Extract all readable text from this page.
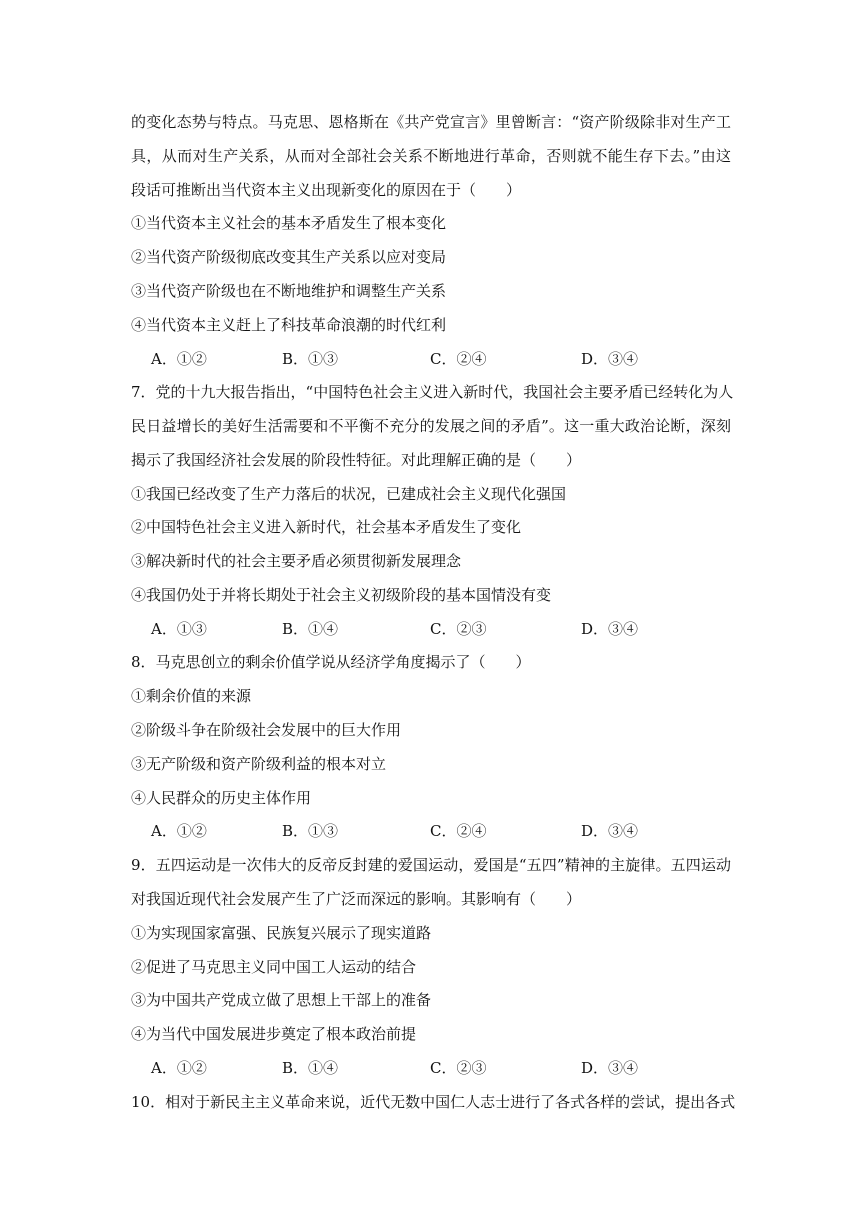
的变化态势与特点。马克思、恩格斯在《共产党宣言》里曾断言：“资产阶级除非对生产工
具，从而对生产关系，从而对全部社会关系不断地进行革命，否则就不能生存下去。”由这
段话可推断出当代资本主义出现新变化的原因在于（　　）
①当代资本主义社会的基本矛盾发生了根本变化
②当代资产阶级彻底改变其生产关系以应对变局
③当代资产阶级也在不断地维护和调整生产关系
④当代资本主义赶上了科技革命浪潮的时代红利
A．①②	B．①③	C．②④	D．③④
7．党的十九大报告指出，“中国特色社会主义进入新时代，我国社会主要矛盾已经转化为人
民日益增长的美好生活需要和不平衡不充分的发展之间的矛盾”。这一重大政治论断，深刻
揭示了我国经济社会发展的阶段性特征。对此理解正确的是（　　）
①我国已经改变了生产力落后的状况，已建成社会主义现代化强国
②中国特色社会主义进入新时代，社会基本矛盾发生了变化
③解决新时代的社会主要矛盾必须贯彻新发展理念
④我国仍处于并将长期处于社会主义初级阶段的基本国情没有变
A．①③	B．①④	C．②③	D．③④
8．马克思创立的剩余价值学说从经济学角度揭示了（　　）
①剩余价值的来源
②阶级斗争在阶级社会发展中的巨大作用
③无产阶级和资产阶级利益的根本对立
④人民群众的历史主体作用
A．①②	B．①③	C．②④	D．③④
9．五四运动是一次伟大的反帝反封建的爱国运动，爱国是“五四”精神的主旋律。五四运动
对我国近现代社会发展产生了广泛而深远的影响。其影响有（　　）
①为实现国家富强、民族复兴展示了现实道路
②促进了马克思主义同中国工人运动的结合
③为中国共产党成立做了思想上干部上的准备
④为当代中国发展进步奠定了根本政治前提
A．①②	B．①④	C．②③	D．③④
10．相对于新民主主义革命来说，近代无数中国仁人志士进行了各式各样的尝试，提出各式
